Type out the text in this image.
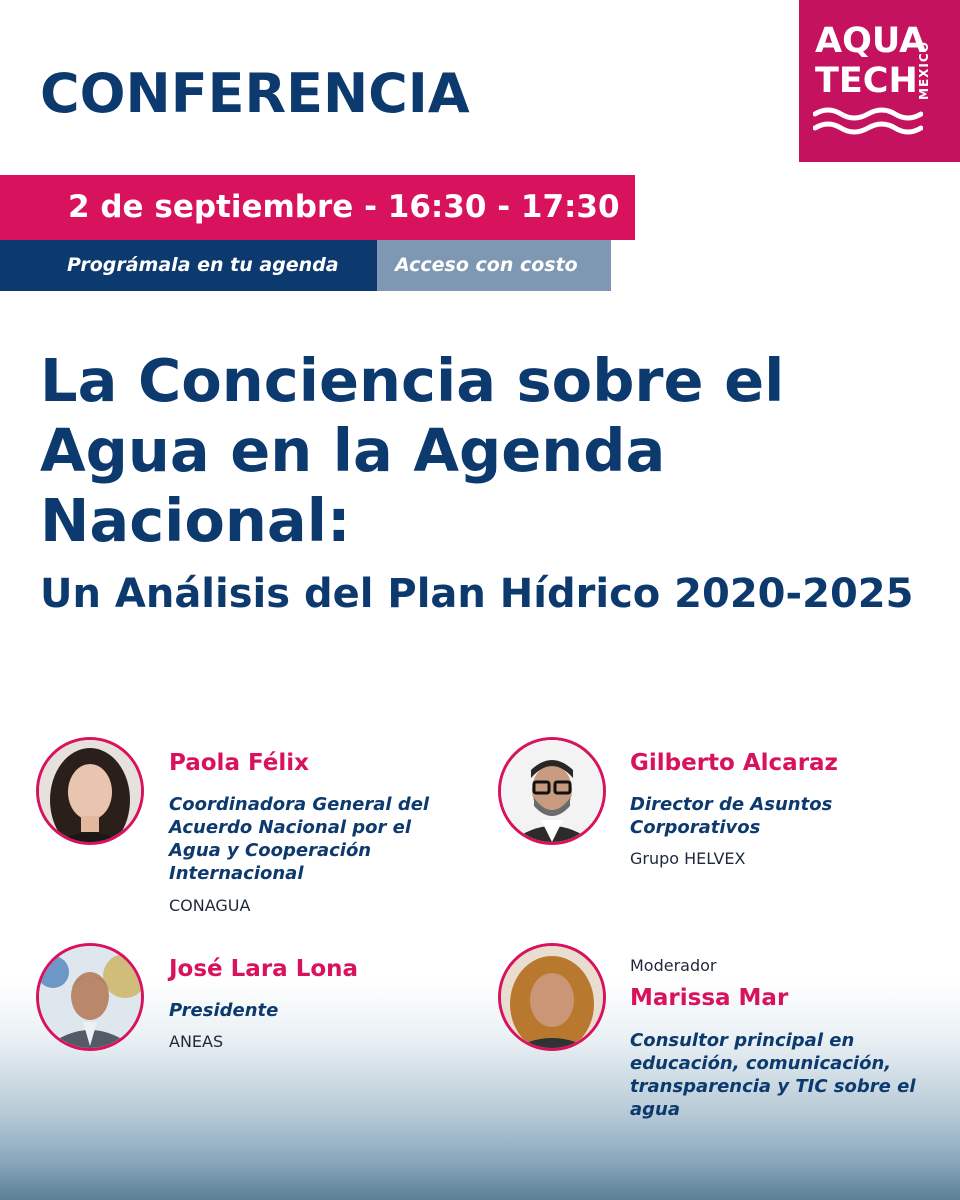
CONFERENCIA
AQUA
TECH MEXICO
2 de septiembre - 16:30 - 17:30
Prográmala en tu agenda	Acceso con costo
La Conciencia sobre el Agua en la Agenda Nacional:
Un Análisis del Plan Hídrico 2020-2025
Paola Félix
Coordinadora General del Acuerdo Nacional por el Agua y Cooperación Internacional
CONAGUA
Gilberto Alcaraz
Director de Asuntos Corporativos
Grupo HELVEX
José Lara Lona
Presidente
ANEAS
Moderador
Marissa Mar
Consultor principal en educación, comunicación, transparencia y TIC sobre el agua
